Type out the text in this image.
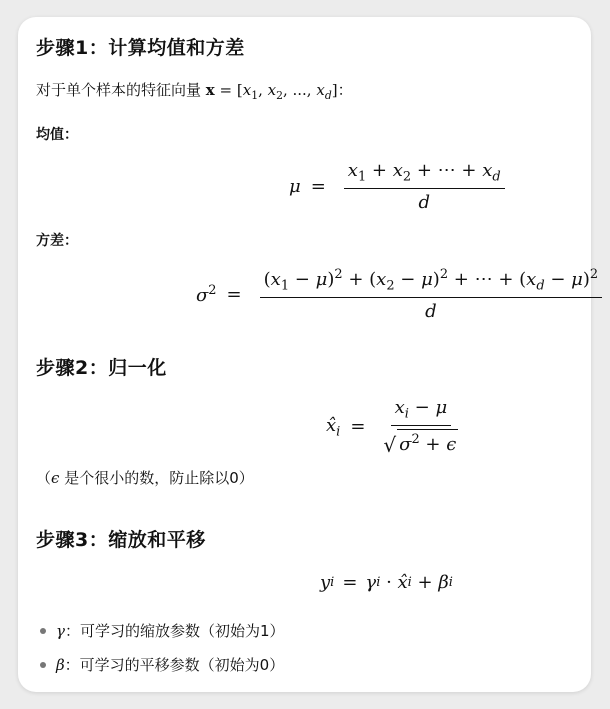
步骤1：计算均值和方差
对于单个样本的特征向量 $x = [x_1$, $x_2$, ..., $x_d$]：
均值：
$\mu = \frac{x_1 + x_2 + \cdots + x_d}{d}$
方差：
$\sigma^2 = \frac{(x_1 - \mu)^2 + (x_2 - \mu)^2 + \cdots + (x_d - \mu)^2}{d}$
步骤2：归一化
$x̂_i = \frac{x_i - \mu}{√ \sigma^2 + \epsilon}$
（ϵ 是个很小的数，防止除以0）
步骤3：缩放和平移
y i = γ i · x̂ i + β i
γ ：可学习的缩放参数（初始为1）
β ：可学习的平移参数（初始为0）
